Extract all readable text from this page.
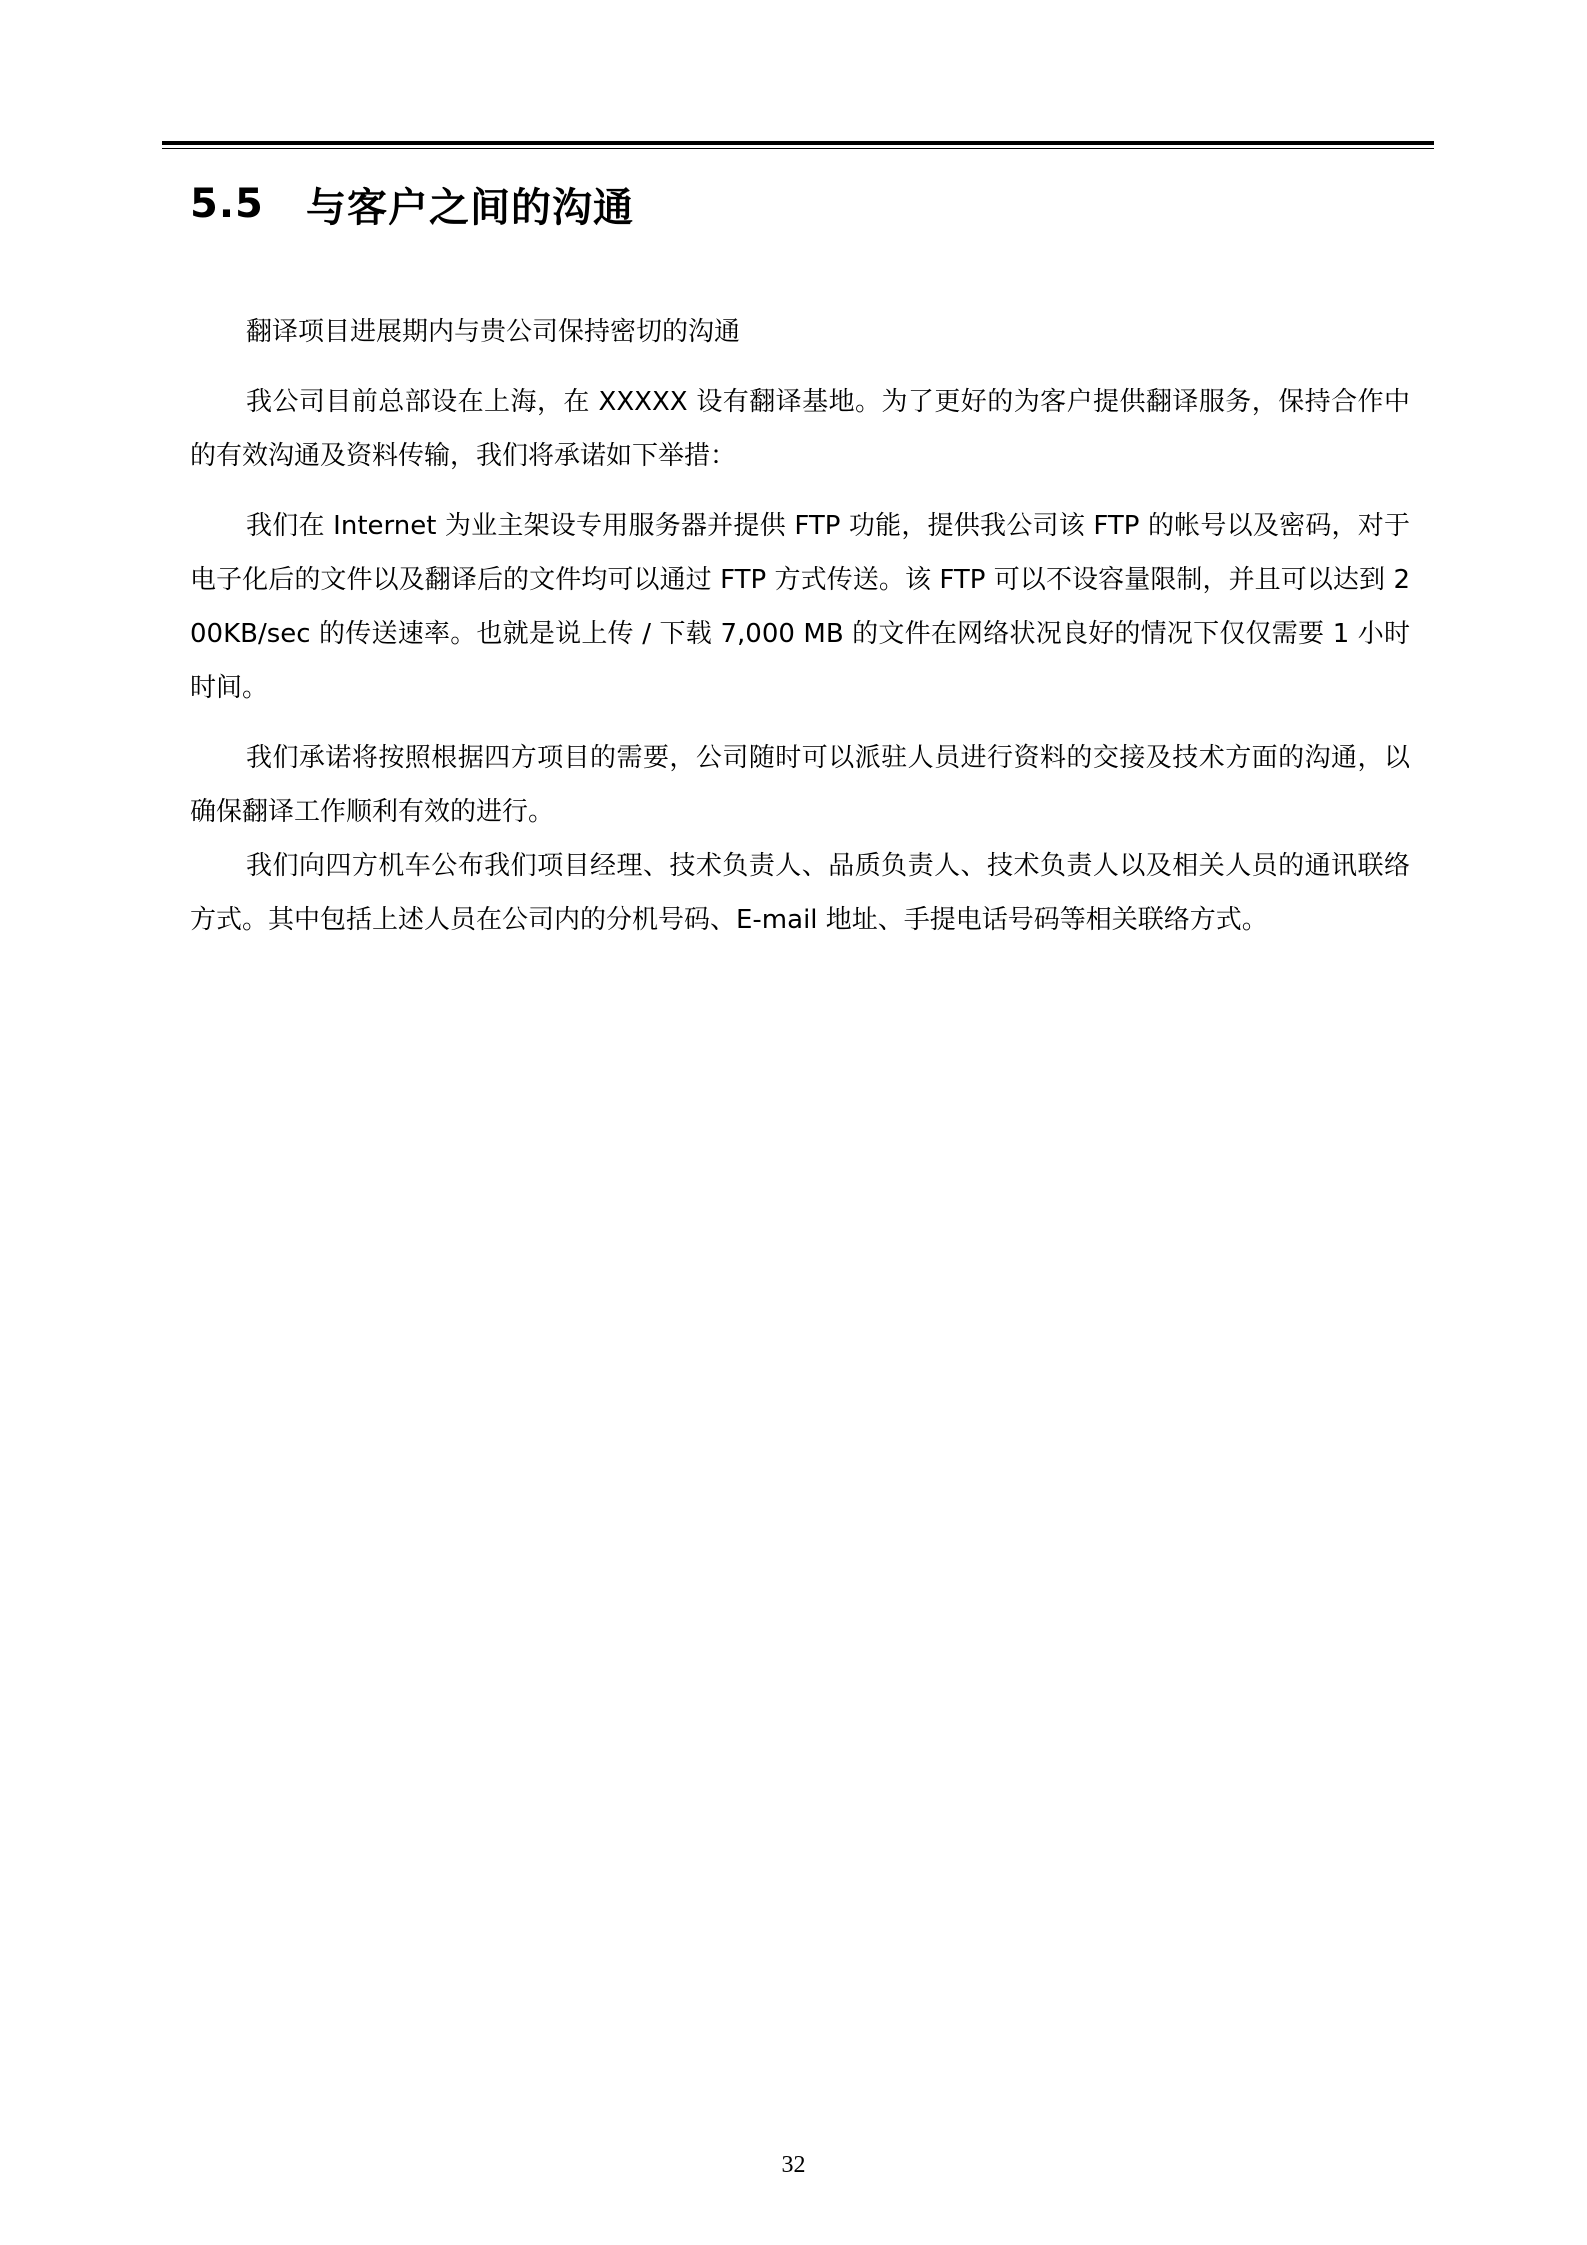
5.5	与客户之间的沟通

翻译项目进展期内与贵公司保持密切的沟通

我公司目前总部设在上海，在 XXXXX 设有翻译基地。为了更好的为客户提供翻译服务，保持合作中的有效沟通及资料传输，我们将承诺如下举措：

我们在 Internet 为业主架设专用服务器并提供 FTP 功能，提供我公司该 FTP 的帐号以及密码，对于电子化后的文件以及翻译后的文件均可以通过 FTP 方式传送。该 FTP 可以不设容量限制，并且可以达到 200KB/sec 的传送速率。也就是说上传 / 下载 7,000 MB 的文件在网络状况良好的情况下仅仅需要 1 小时时间。

我们承诺将按照根据四方项目的需要，公司随时可以派驻人员进行资料的交接及技术方面的沟通，以确保翻译工作顺利有效的进行。

我们向四方机车公布我们项目经理、技术负责人、品质负责人、技术负责人以及相关人员的通讯联络方式。其中包括上述人员在公司内的分机号码、E-mail 地址、手提电话号码等相关联络方式。

32
